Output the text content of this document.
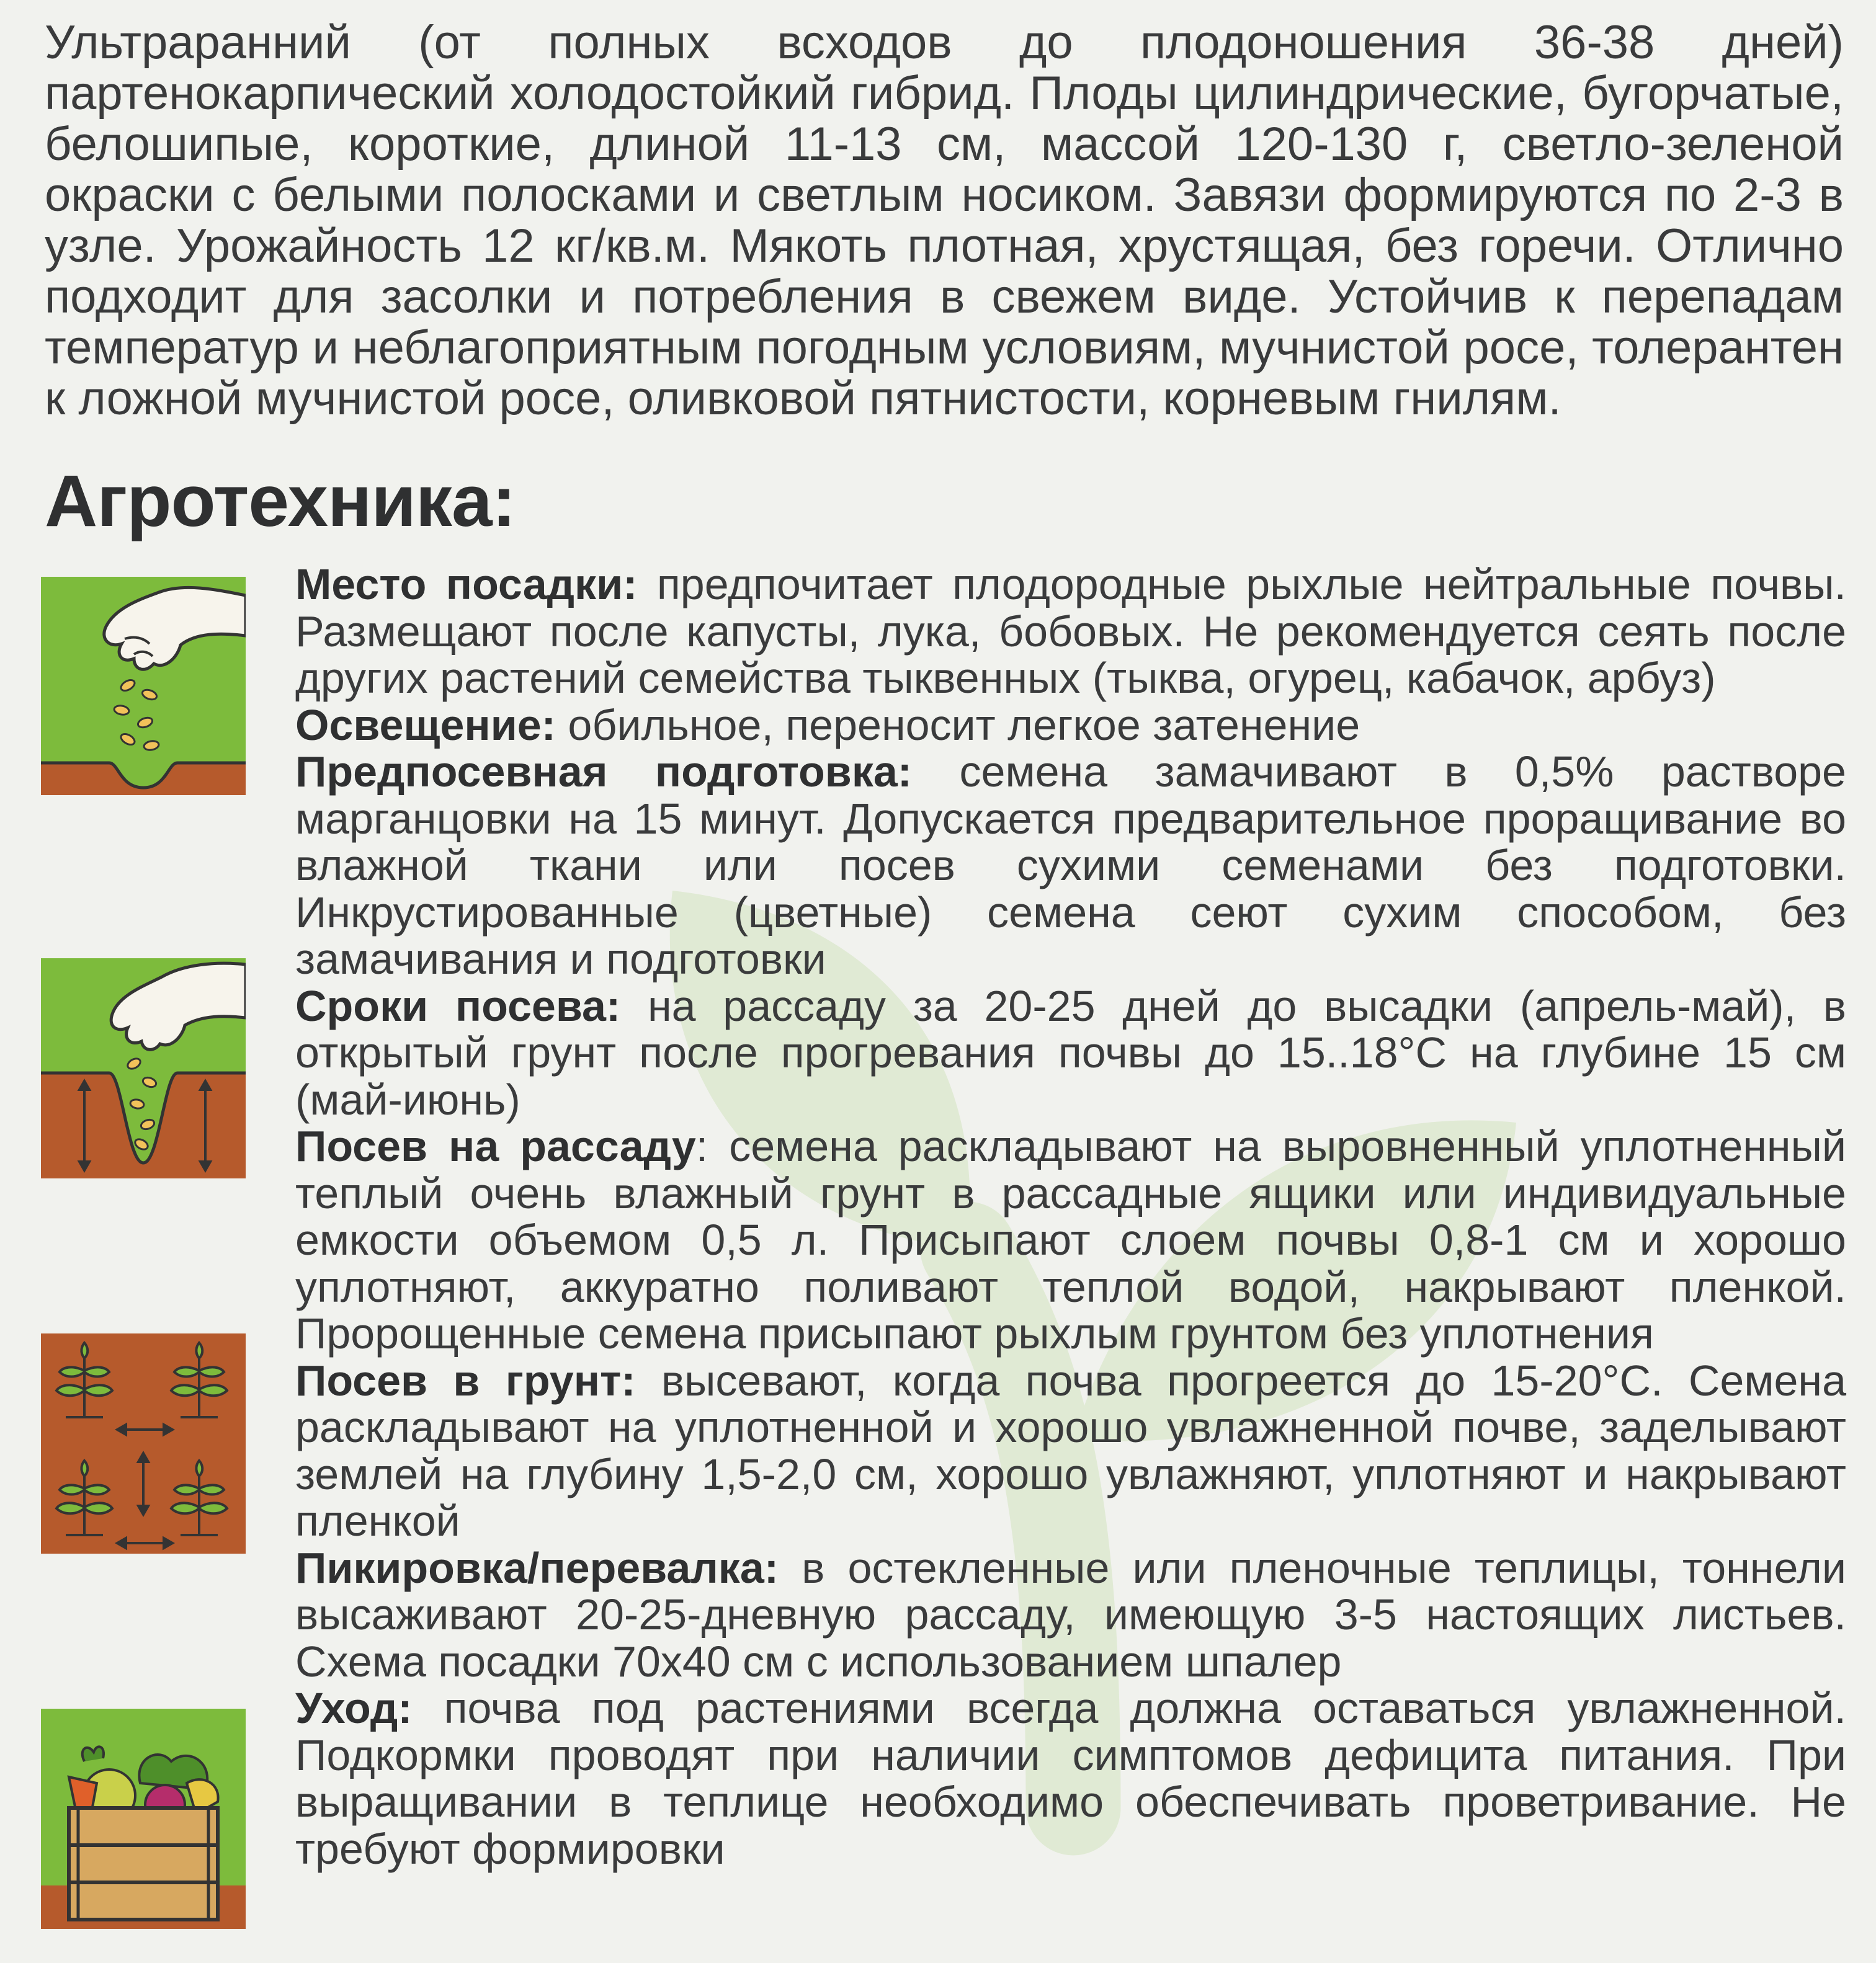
Ультраранний (от полных всходов до плодоношения 36-38 дней) партенокарпический холодостойкий гибрид. Плоды цилиндрические, бугорчатые, белошипые, короткие, длиной 11-13 см, массой 120-130 г, светло-зеленой окраски с белыми полосками и светлым носиком. Завязи формируются по 2-3 в узле. Урожайность 12 кг/кв.м. Мякоть плотная, хрустящая, без горечи. Отлично подходит для засолки и потребления в свежем виде. Устойчив к перепадам температур и неблагоприятным погодным условиям, мучнистой росе, толерантен к ложной мучнистой росе, оливковой пятнистости, корневым гнилям.

Агротехника:

Место посадки: предпочитает плодородные рыхлые нейтральные почвы. Размещают после капусты, лука, бобовых. Не рекомендуется сеять после других растений семейства тыквенных (тыква, огурец, кабачок, арбуз)

Освещение: обильное, переносит легкое затенение

Предпосевная подготовка: семена замачивают в 0,5% растворе марганцовки на 15 минут. Допускается предварительное проращивание во влажной ткани или посев сухими семенами без подготовки. Инкрустированные (цветные) семена сеют сухим способом, без замачивания и подготовки

Сроки посева: на рассаду за 20-25 дней до высадки (апрель-май), в открытый грунт после прогревания почвы до 15..18°С на глубине 15 см (май-июнь)

Посев на рассаду: семена раскладывают на выровненный уплотненный теплый очень влажный грунт в рассадные ящики или индивидуальные емкости объемом 0,5 л. Присыпают слоем почвы 0,8-1 см и хорошо уплотняют, аккуратно поливают теплой водой, накрывают пленкой. Пророщенные семена присыпают рыхлым грунтом без уплотнения

Посев в грунт: высевают, когда почва прогреется до 15-20°С. Семена раскладывают на уплотненной и хорошо увлажненной почве, заделывают землей на глубину 1,5-2,0 см, хорошо увлажняют, уплотняют и накрывают пленкой

Пикировка/перевалка: в остекленные или пленочные теплицы, тоннели высаживают 20-25-дневную рассаду, имеющую 3-5 настоящих листьев. Схема посадки 70х40 см с использованием шпалер

Уход: почва под растениями всегда должна оставаться увлажненной. Подкормки проводят при наличии симптомов дефицита питания. При выращивании в теплице необходимо обеспечивать проветривание. Не требуют формировки
